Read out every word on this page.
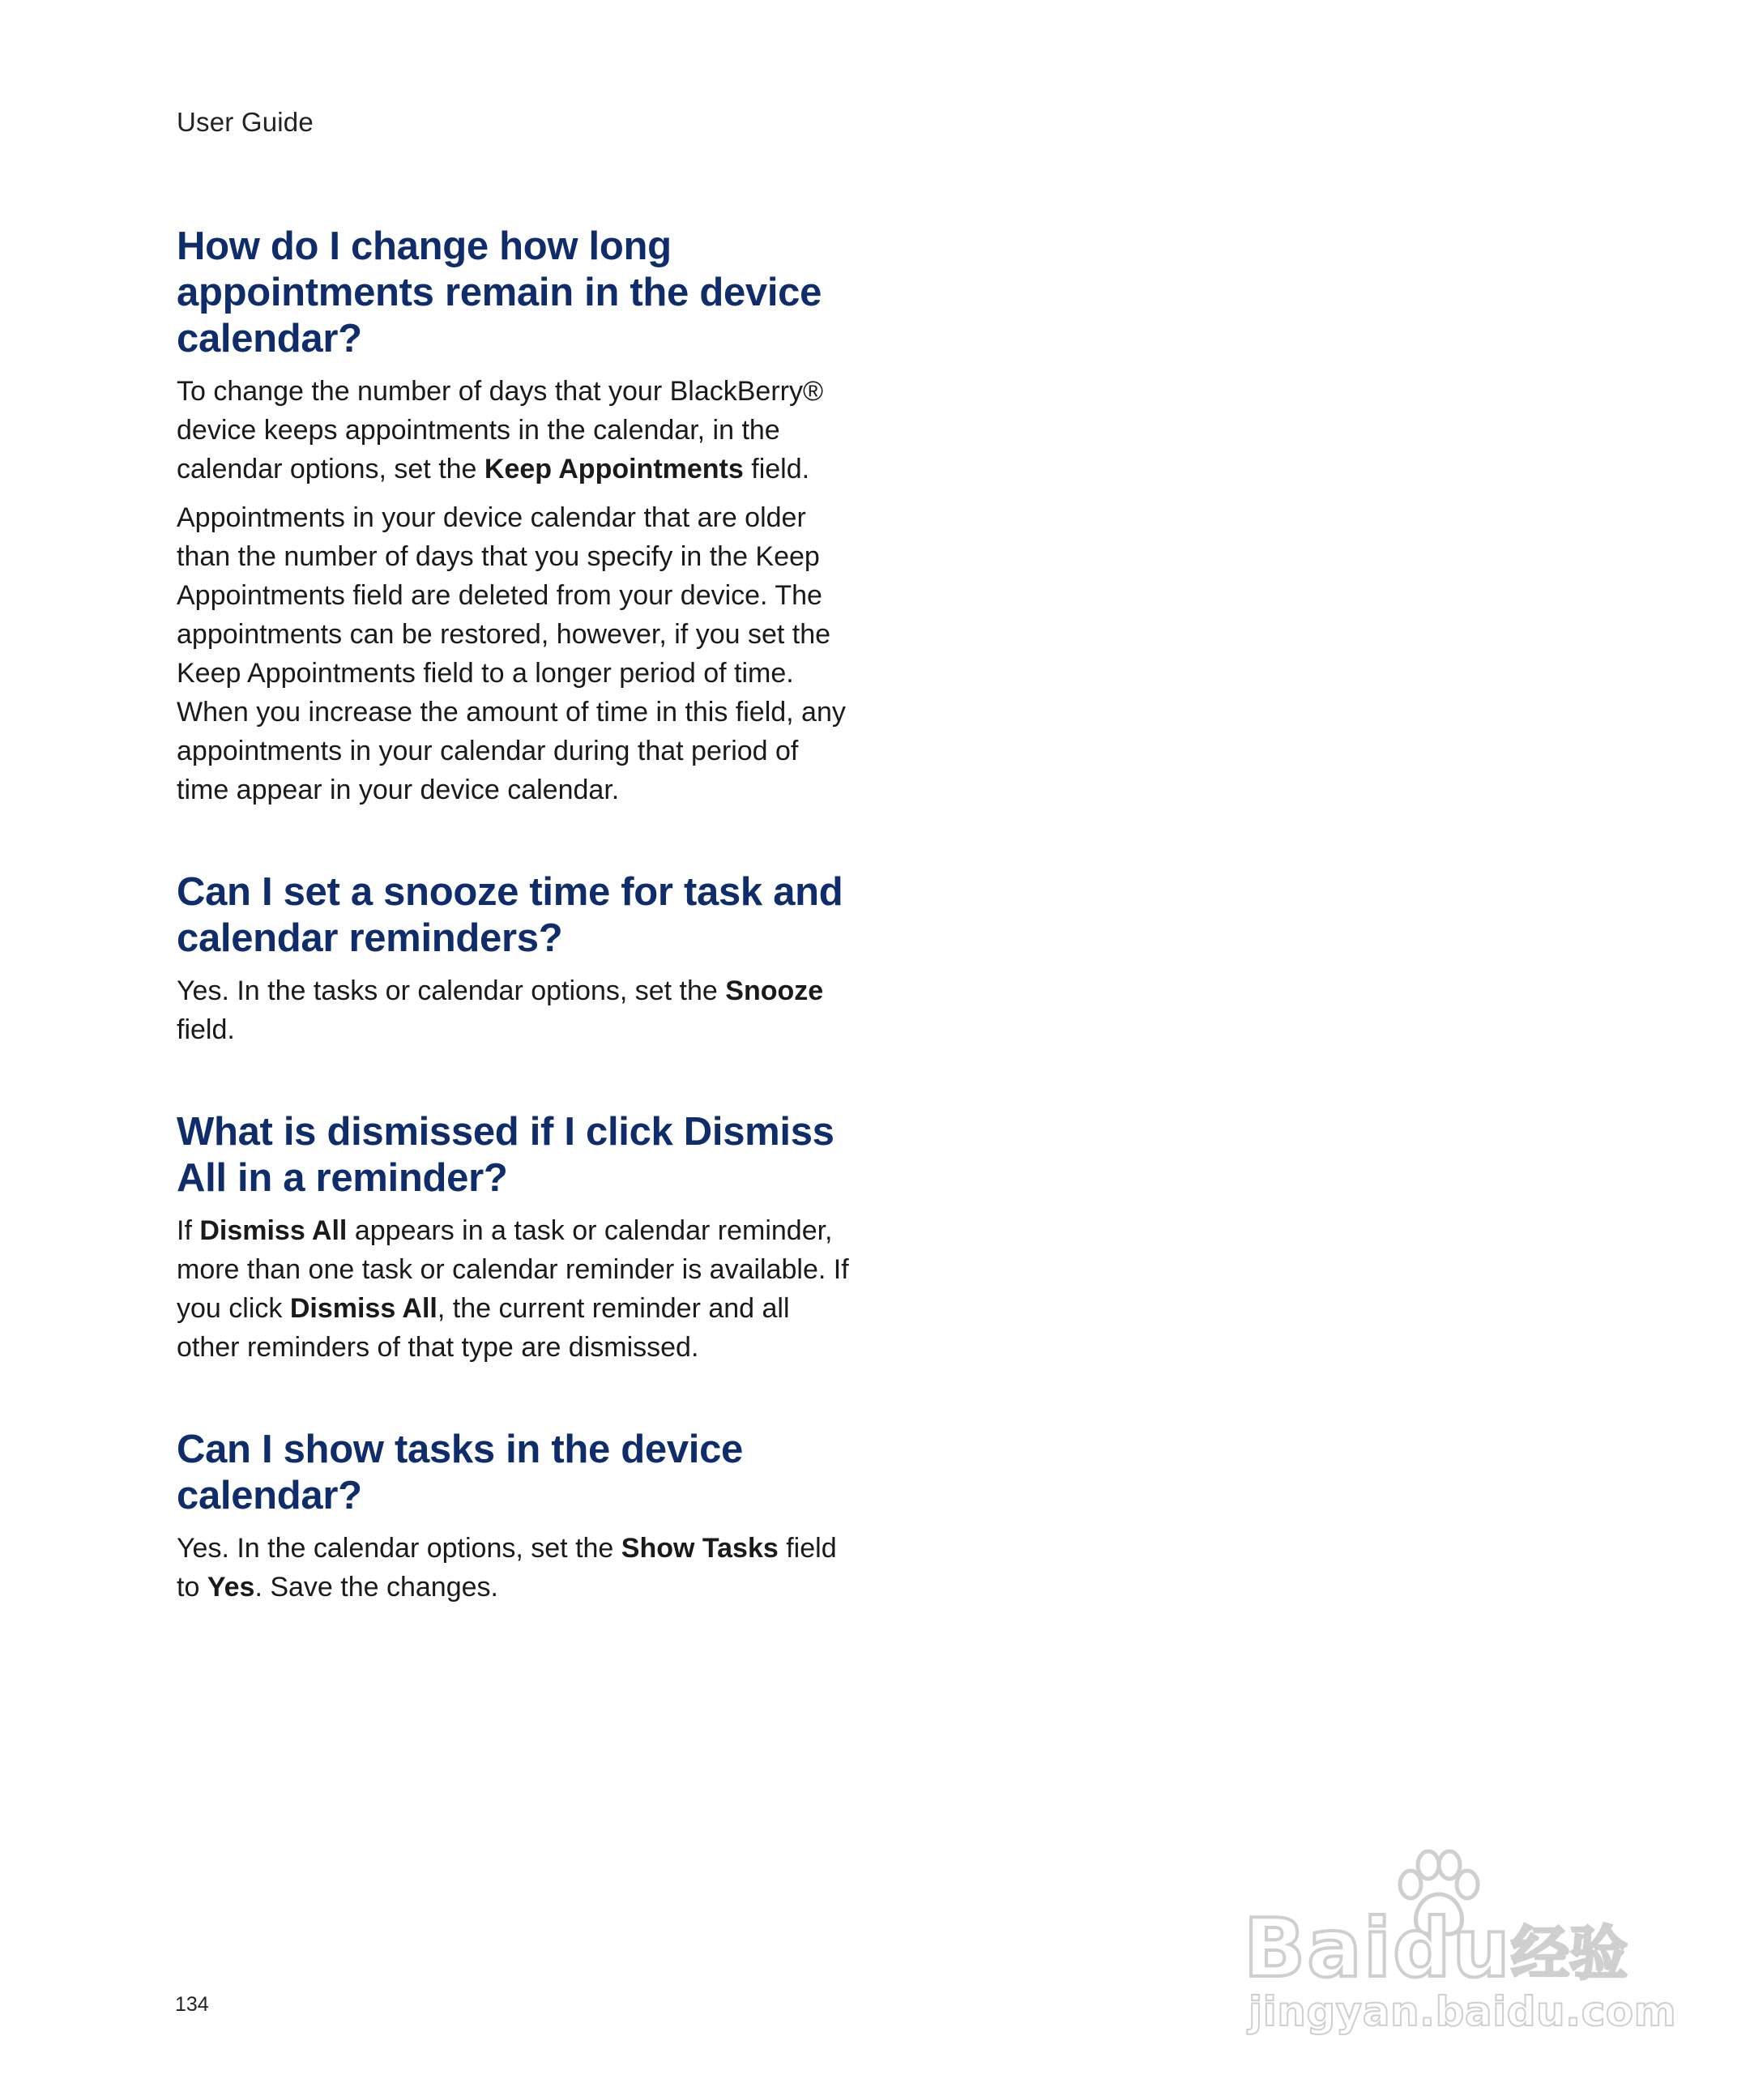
User Guide
How do I change how long appointments remain in the device calendar?

To change the number of days that your BlackBerry® device keeps appointments in the calendar, in the calendar options, set the Keep Appointments field.

Appointments in your device calendar that are older than the number of days that you specify in the Keep Appointments field are deleted from your device. The appointments can be restored, however, if you set the Keep Appointments field to a longer period of time. When you increase the amount of time in this field, any appointments in your calendar during that period of time appear in your device calendar.

Can I set a snooze time for task and calendar reminders?

Yes. In the tasks or calendar options, set the Snooze field.

What is dismissed if I click Dismiss All in a reminder?

If Dismiss All appears in a task or calendar reminder, more than one task or calendar reminder is available. If you click Dismiss All, the current reminder and all other reminders of that type are dismissed.

Can I show tasks in the device calendar?

Yes. In the calendar options, set the Show Tasks field to Yes. Save the changes.

134
Baidu 经验
jingyan.baidu.com
